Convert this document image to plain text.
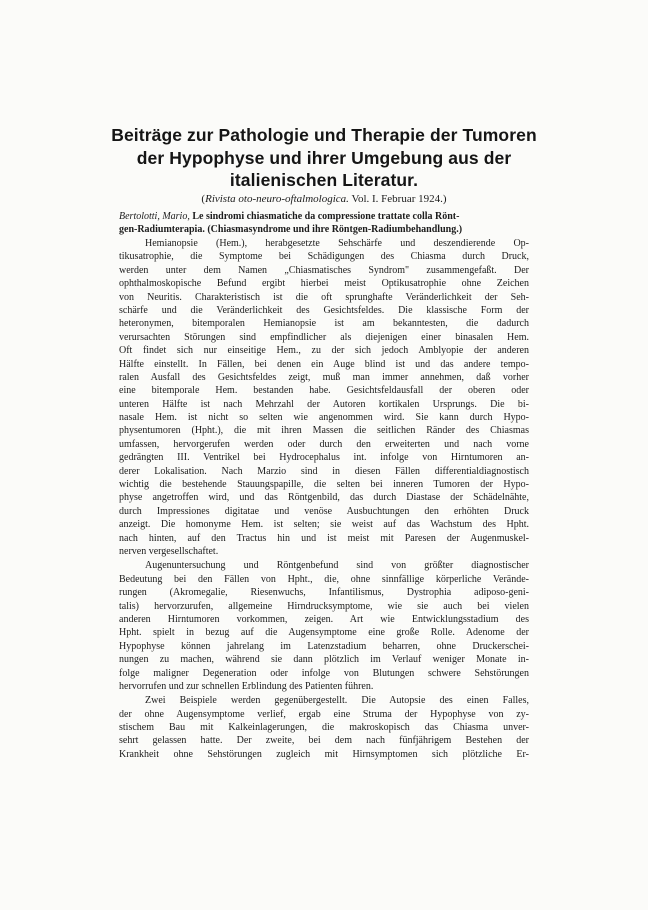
Beiträge zur Pathologie und Therapie der Tumoren
der Hypophyse und ihrer Umgebung aus der
italienischen Literatur.
(Rivista oto-neuro-oftalmologica. Vol. I. Februar 1924.)
Bertolotti, Mario, Le sindromi chiasmatiche da compressione trattate colla Rönt-
gen-Radiumterapia. (Chiasmasyndrome und ihre Röntgen-Radiumbehandlung.)
Hemianopsie (Hem.), herabgesetzte Sehschärfe und deszendierende Op-
tikusatrophie, die Symptome bei Schädigungen des Chiasma durch Druck,
werden unter dem Namen „Chiasmatisches Syndrom" zusammengefaßt. Der
ophthalmoskopische Befund ergibt hierbei meist Optikusatrophie ohne Zeichen
von Neuritis. Charakteristisch ist die oft sprunghafte Veränderlichkeit der Seh-
schärfe und die Veränderlichkeit des Gesichtsfeldes. Die klassische Form der
heteronymen, bitemporalen Hemianopsie ist am bekanntesten, die dadurch
verursachten Störungen sind empfindlicher als diejenigen einer binasalen Hem.
Oft findet sich nur einseitige Hem., zu der sich jedoch Amblyopie der anderen
Hälfte einstellt. In Fällen, bei denen ein Auge blind ist und das andere tempo-
ralen Ausfall des Gesichtsfeldes zeigt, muß man immer annehmen, daß vorher
eine bitemporale Hem. bestanden habe. Gesichtsfeldausfall der oberen oder
unteren Hälfte ist nach Mehrzahl der Autoren kortikalen Ursprungs. Die bi-
nasale Hem. ist nicht so selten wie angenommen wird. Sie kann durch Hypo-
physentumoren (Hpht.), die mit ihren Massen die seitlichen Ränder des Chiasmas
umfassen, hervorgerufen werden oder durch den erweiterten und nach vorne
gedrängten III. Ventrikel bei Hydrocephalus int. infolge von Hirntumoren an-
derer Lokalisation. Nach Marzio sind in diesen Fällen differentialdiagnostisch
wichtig die bestehende Stauungspapille, die selten bei inneren Tumoren der Hypo-
physe angetroffen wird, und das Röntgenbild, das durch Diastase der Schädelnähte,
durch Impressiones digitatae und venöse Ausbuchtungen den erhöhten Druck
anzeigt. Die homonyme Hem. ist selten; sie weist auf das Wachstum des Hpht.
nach hinten, auf den Tractus hin und ist meist mit Paresen der Augenmuskel-
nerven vergesellschaftet.
Augenuntersuchung und Röntgenbefund sind von größter diagnostischer
Bedeutung bei den Fällen von Hpht., die, ohne sinnfällige körperliche Verände-
rungen (Akromegalie, Riesenwuchs, Infantilismus, Dystrophia adiposo-geni-
talis) hervorzurufen, allgemeine Hirndrucksymptome, wie sie auch bei vielen
anderen Hirntumoren vorkommen, zeigen. Art wie Entwicklungsstadium des
Hpht. spielt in bezug auf die Augensymptome eine große Rolle. Adenome der
Hypophyse können jahrelang im Latenzstadium beharren, ohne Druckerschei-
nungen zu machen, während sie dann plötzlich im Verlauf weniger Monate in-
folge maligner Degeneration oder infolge von Blutungen schwere Sehstörungen
hervorrufen und zur schnellen Erblindung des Patienten führen.
Zwei Beispiele werden gegenübergestellt. Die Autopsie des einen Falles,
der ohne Augensymptome verlief, ergab eine Struma der Hypophyse von zy-
stischem Bau mit Kalkeinlagerungen, die makroskopisch das Chiasma unver-
sehrt gelassen hatte. Der zweite, bei dem nach fünfjährigem Bestehen der
Krankheit ohne Sehstörungen zugleich mit Hirnsymptomen sich plötzliche Er-
